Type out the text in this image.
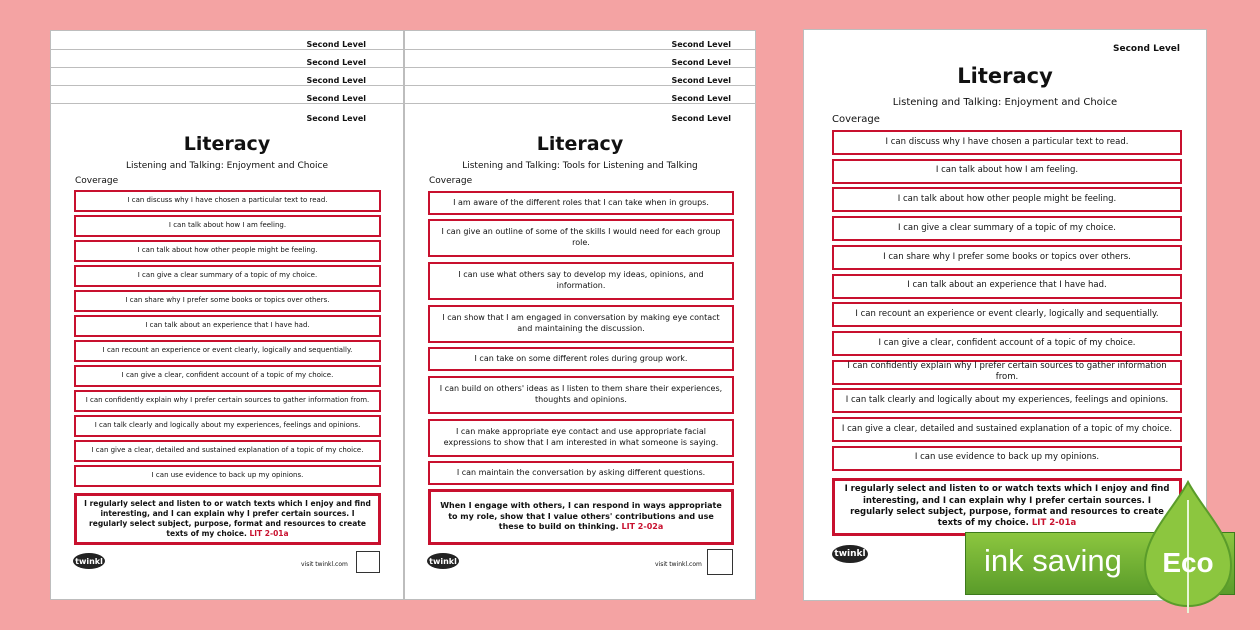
Second Level
Second Level
Second Level
Second Level
Second Level
Literacy
Listening and Talking: Enjoyment and Choice
Coverage
I can discuss why I have chosen a particular text to read.
I can talk about how I am feeling.
I can talk about how other people might be feeling.
I can give a clear summary of a topic of my choice.
I can share why I prefer some books or topics over others.
I can talk about an experience that I have had.
I can recount an experience or event clearly, logically and sequentially.
I can give a clear, confident account of a topic of my choice.
I can confidently explain why I prefer certain sources to gather information from.
I can talk clearly and logically about my experiences, feelings and opinions.
I can give a clear, detailed and sustained explanation of a topic of my choice.
I can use evidence to back up my opinions.
I regularly select and listen to or watch texts which I enjoy and find interesting, and I can explain why I prefer certain sources. I regularly select subject, purpose, format and resources to create texts of my choice. LIT 2-01a
twinkl	visit twinkl.com
Second Level
Second Level
Second Level
Second Level
Second Level
Literacy
Listening and Talking: Tools for Listening and Talking
Coverage
I am aware of the different roles that I can take when in groups.
I can give an outline of some of the skills I would need for each group role.
I can use what others say to develop my ideas, opinions, and information.
I can show that I am engaged in conversation by making eye contact and maintaining the discussion.
I can take on some different roles during group work.
I can build on others' ideas as I listen to them share their experiences, thoughts and opinions.
I can make appropriate eye contact and use appropriate facial expressions to show that I am interested in what someone is saying.
I can maintain the conversation by asking different questions.
When I engage with others, I can respond in ways appropriate to my role, show that I value others' contributions and use these to build on thinking. LIT 2-02a
twinkl	visit twinkl.com
Second Level
Literacy
Listening and Talking: Enjoyment and Choice
Coverage
I can discuss why I have chosen a particular text to read.
I can talk about how I am feeling.
I can talk about how other people might be feeling.
I can give a clear summary of a topic of my choice.
I can share why I prefer some books or topics over others.
I can talk about an experience that I have had.
I can recount an experience or event clearly, logically and sequentially.
I can give a clear, confident account of a topic of my choice.
I can confidently explain why I prefer certain sources to gather information from.
I can talk clearly and logically about my experiences, feelings and opinions.
I can give a clear, detailed and sustained explanation of a topic of my choice.
I can use evidence to back up my opinions.
I regularly select and listen to or watch texts which I enjoy and find interesting, and I can explain why I prefer certain sources. I regularly select subject, purpose, format and resources to create texts of my choice. LIT 2-01a
twinkl	ink saving Eco
